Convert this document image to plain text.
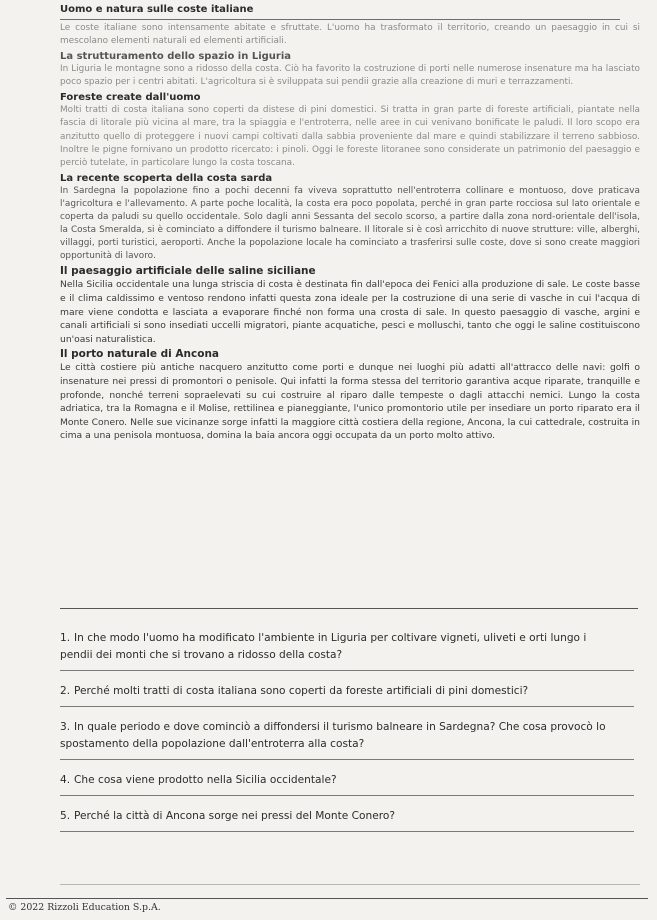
Uomo e natura sulle coste italiane

Le coste italiane sono intensamente abitate e sfruttate. L'uomo ha trasformato il territorio, creando un paesaggio in cui si mescolano elementi naturali ed elementi artificiali.

La strutturamento dello spazio in Liguria

In Liguria le montagne sono a ridosso della costa. Ciò ha favorito la costruzione di porti nelle numerose insenature ma ha lasciato poco spazio per i centri abitati. L'agricoltura si è sviluppata sui pendii grazie alla creazione di muri e terrazzamenti.

Foreste create dall'uomo

Molti tratti di costa italiana sono coperti da distese di pini domestici. Si tratta in gran parte di foreste artificiali, piantate nella fascia di litorale più vicina al mare, tra la spiaggia e l'entroterra, nelle aree in cui venivano bonificate le paludi. Il loro scopo era anzitutto quello di proteggere i nuovi campi coltivati dalla sabbia proveniente dal mare e quindi stabilizzare il terreno sabbioso. Inoltre le pigne fornivano un prodotto ricercato: i pinoli. Oggi le foreste litoranee sono considerate un patrimonio del paesaggio e perciò tutelate, in particolare lungo la costa toscana.

La recente scoperta della costa sarda

In Sardegna la popolazione fino a pochi decenni fa viveva soprattutto nell'entroterra collinare e montuoso, dove praticava l'agricoltura e l'allevamento. A parte poche località, la costa era poco popolata, perché in gran parte rocciosa sul lato orientale e coperta da paludi su quello occidentale. Solo dagli anni Sessanta del secolo scorso, a partire dalla zona nord-orientale dell'isola, la Costa Smeralda, si è cominciato a diffondere il turismo balneare. Il litorale si è così arricchito di nuove strutture: ville, alberghi, villaggi, porti turistici, aeroporti. Anche la popolazione locale ha cominciato a trasferirsi sulle coste, dove si sono create maggiori opportunità di lavoro.

Il paesaggio artificiale delle saline siciliane

Nella Sicilia occidentale una lunga striscia di costa è destinata fin dall'epoca dei Fenici alla produzione di sale. Le coste basse e il clima caldissimo e ventoso rendono infatti questa zona ideale per la costruzione di una serie di vasche in cui l'acqua di mare viene condotta e lasciata a evaporare finché non forma una crosta di sale. In questo paesaggio di vasche, argini e canali artificiali si sono insediati uccelli migratori, piante acquatiche, pesci e molluschi, tanto che oggi le saline costituiscono un'oasi naturalistica.

Il porto naturale di Ancona

Le città costiere più antiche nacquero anzitutto come porti e dunque nei luoghi più adatti all'attracco delle navi: golfi o insenature nei pressi di promontori o penisole. Qui infatti la forma stessa del territorio garantiva acque riparate, tranquille e profonde, nonché terreni sopraelevati su cui costruire al riparo dalle tempeste o dagli attacchi nemici. Lungo la costa adriatica, tra la Romagna e il Molise, rettilinea e pianeggiante, l'unico promontorio utile per insediare un porto riparato era il Monte Conero. Nelle sue vicinanze sorge infatti la maggiore città costiera della regione, Ancona, la cui cattedrale, costruita in cima a una penisola montuosa, domina la baia ancora oggi occupata da un porto molto attivo.

1. In che modo l'uomo ha modificato l'ambiente in Liguria per coltivare vigneti, uliveti e orti lungo i

pendii dei monti che si trovano a ridosso della costa?

2. Perché molti tratti di costa italiana sono coperti da foreste artificiali di pini domestici?

3. In quale periodo e dove cominciò a diffondersi il turismo balneare in Sardegna? Che cosa provocò lo

spostamento della popolazione dall'entroterra alla costa?

4. Che cosa viene prodotto nella Sicilia occidentale?

5. Perché la città di Ancona sorge nei pressi del Monte Conero?

© 2022 Rizzoli Education S.p.A.
